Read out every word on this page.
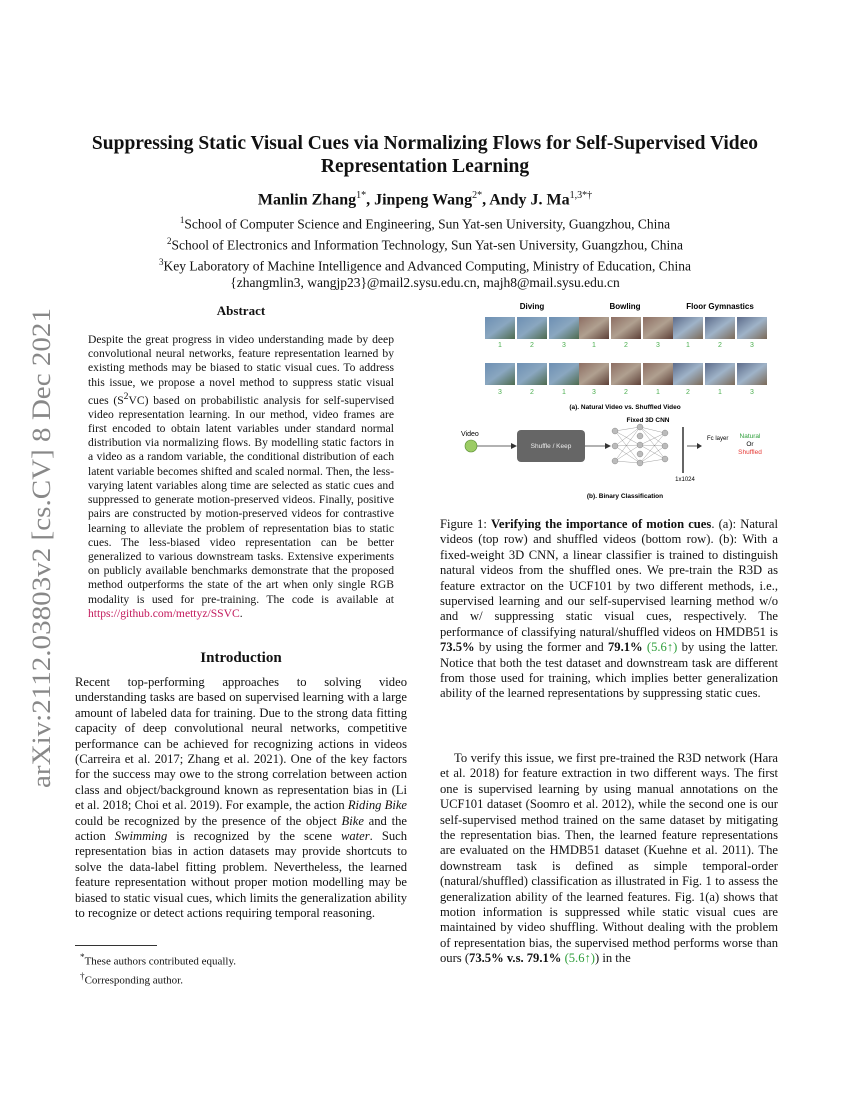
arXiv:2112.03803v2 [cs.CV] 8 Dec 2021
Suppressing Static Visual Cues via Normalizing Flows for Self-Supervised Video Representation Learning
Manlin Zhang$^{1*}$, Jinpeng Wang$^{2*}$, Andy J. $Ma^{1,3*\dagger}$
$^1$School of Computer Science and Engineering, Sun Yat-sen University, Guangzhou, China
$^2$School of Electronics and Information Technology, Sun Yat-sen University, Guangzhou, China
$^3$Key Laboratory of Machine Intelligence and Advanced Computing, Ministry of Education, China
{zhangmlin3, wangjp23}@mail2.sysu.edu.cn, majh8@mail.sysu.edu.cn
Abstract
Despite the great progress in video understanding made by deep convolutional neural networks, feature representation learned by existing methods may be biased to static visual cues. To address this issue, we propose a novel method to suppress static visual cues $(S^2VC)$ based on probabilistic analysis for self-supervised video representation learning. In our method, video frames are first encoded to obtain latent variables under standard normal distribution via normalizing flows. By modelling static factors in a video as a random variable, the conditional distribution of each latent variable becomes shifted and scaled normal. Then, the less-varying latent variables along time are selected as static cues and suppressed to generate motion-preserved videos. Finally, positive pairs are constructed by motion-preserved videos for contrastive learning to alleviate the problem of representation bias to static cues. The less-biased video representation can be better generalized to various downstream tasks. Extensive experiments on publicly available benchmarks demonstrate that the proposed method outperforms the state of the art when only single RGB modality is used for pre-training. The code is available at https://github.com/mettyz/SSVC.
Introduction
Recent top-performing approaches to solving video understanding tasks are based on supervised learning with a large amount of labeled data for training. Due to the strong data fitting capacity of deep convolutional neural networks, competitive performance can be achieved for recognizing actions in videos (Carreira et al. 2017; Zhang et al. 2021). One of the key factors for the success may owe to the strong correlation between action class and object/background known as representation bias in (Li et al. 2018; Choi et al. 2019). For example, the action Riding Bike could be recognized by the presence of the object Bike and the action Swimming is recognized by the scene water. Such representation bias in action datasets may provide shortcuts to solve the data-label fitting problem. Nevertheless, the learned feature representation without proper motion modelling may be biased to static visual cues, which limits the generalization ability to recognize or detect actions requiring temporal reasoning.
*These authors contributed equally.
†Corresponding author.
Diving	Bowling	Floor Gymnastics
1	2	3	1	2	3	1	2	3
3	2	1	3	2	1	2	1	3
(a). Natural Video vs. Shuffled Video
Fixed 3D CNN
Video
Shuffle / Keep
1x1024
Fc layer Natural
Or
Shuffled
(b). Binary Classification
Figure 1: Verifying the importance of motion cues. (a): Natural videos (top row) and shuffled videos (bottom row). (b): With a fixed-weight 3D CNN, a linear classifier is trained to distinguish natural videos from the shuffled ones. We pre-train the R3D as feature extractor on the UCF101 by two different methods, i.e., supervised learning and our self-supervised learning method w/o and w/ suppressing static visual cues, respectively. The performance of classifying natural/shuffled videos on HMDB51 is 73.5% by using the former and 79.1% (5.6↑) by using the latter. Notice that both the test dataset and downstream task are different from those used for training, which implies better generalization ability of the learned representations by suppressing static cues.
To verify this issue, we first pre-trained the R3D network (Hara et al. 2018) for feature extraction in two different ways. The first one is supervised learning by using manual annotations on the UCF101 dataset (Soomro et al. 2012), while the second one is our self-supervised method trained on the same dataset by mitigating the representation bias. Then, the learned feature representations are evaluated on the HMDB51 dataset (Kuehne et al. 2011). The downstream task is defined as simple temporal-order (natural/shuffled) classification as illustrated in Fig. 1 to assess the generalization ability of the learned features. Fig. 1(a) shows that motion information is suppressed while static visual cues are maintained by video shuffling. Without dealing with the problem of representation bias, the supervised method performs worse than ours (73.5% v.s. 79.1% (5.6↑)) in the
